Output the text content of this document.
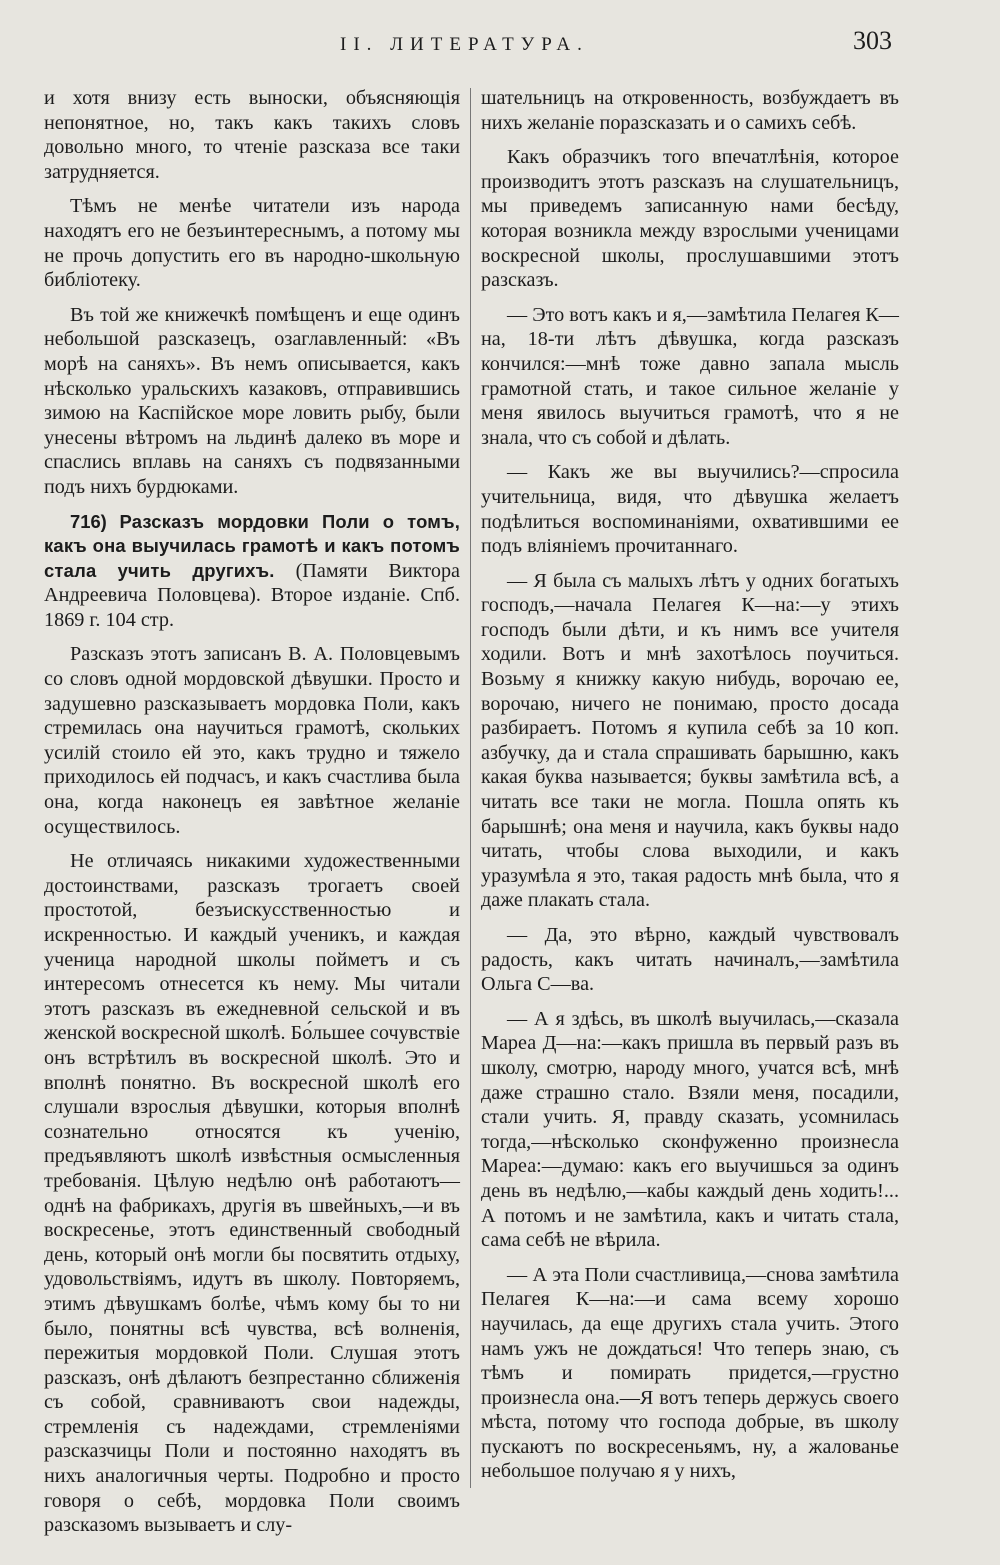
II. ЛИТЕРАТУРА.	303

и хотя внизу есть выноски, объясняющія непонятное, но, такъ какъ такихъ словъ довольно много, то чтеніе разсказа все таки затрудняется.

Тѣмъ не менѣе читатели изъ народа находятъ его не безъинтереснымъ, а потому мы не прочь допустить его въ народно-школьную библіотеку.

Въ той же книжечкѣ помѣщенъ и еще одинъ небольшой разсказецъ, озаглавленный: «Въ морѣ на саняхъ». Въ немъ описывается, какъ нѣсколько уральскихъ казаковъ, отправившись зимою на Каспійское море ловить рыбу, были унесены вѣтромъ на льдинѣ далеко въ море и спаслись вплавь на саняхъ съ подвязанными подъ нихъ бурдюками.

716) Разсказъ мордовки Поли о томъ, какъ она выучилась грамотѣ и какъ потомъ стала учить другихъ. (Памяти Виктора Андреевича Половцева). Второе изданіе. Спб. 1869 г. 104 стр.

Разсказъ этотъ записанъ В. А. Половцевымъ со словъ одной мордовской дѣвушки. Просто и задушевно разсказываетъ мордовка Поли, какъ стремилась она научиться грамотѣ, скольких усилій стоило ей это, какъ трудно и тяжело приходилось ей подчасъ, и какъ счастлива была она, когда наконецъ ея завѣтное желаніе осуществилось.

Не отличаясь никакими художественными достоинствами, разсказъ трогаетъ своей простотой, безъискусственностью и искренностью. И каждый ученикъ, и каждая ученица народной школы пойметъ и съ интересомъ отнесется къ нему. Мы читали этотъ разсказъ въ ежедневной сельской и въ женской воскресной школѣ. Бо́льшее сочувствіе онъ встрѣтилъ въ воскресной школѣ. Это и вполнѣ понятно. Въ воскресной школѣ его слушали взрослыя дѣвушки, которыя вполнѣ сознательно относятся къ ученію, предъявляютъ школѣ извѣстныя осмысленныя требованія. Цѣлую недѣлю онѣ работаютъ—однѣ на фабрикахъ, другія въ швейныхъ,—и въ воскресенье, этотъ единственный свободный день, который онѣ могли бы посвятить отдыху, удовольствіямъ, идутъ въ школу. Повторяемъ, этимъ дѣвушкамъ болѣе, чѣмъ кому бы то ни было, понятны всѣ чувства, всѣ волненія, пережитыя мордовкой Поли. Слушая этотъ разсказъ, онѣ дѣлаютъ безпрестанно сближенія съ собой, сравниваютъ свои надежды, стремленія съ надеждами, стремленіями разсказчицы Поли и постоянно находятъ въ нихъ аналогичныя черты. Подробно и просто говоря о себѣ, мордовка Поли своимъ разсказомъ вызываетъ и слу-

шательницъ на откровенность, возбуждаетъ въ нихъ желаніе поразсказать и о самихъ себѣ.

Какъ образчикъ того впечатлѣнія, которое производитъ этотъ разсказъ на слушательницъ, мы приведемъ записанную нами бесѣду, которая возникла между взрослыми ученицами воскресной школы, прослушавшими этотъ разсказъ.

— Это вотъ какъ и я,—замѣтила Пелагея К—на, 18-ти лѣтъ дѣвушка, когда разсказъ кончился:—мнѣ тоже давно запала мысль грамотной стать, и такое сильное желаніе у меня явилось выучиться грамотѣ, что я не знала, что съ собой и дѣлать.

— Какъ же вы выучились?—спросила учительница, видя, что дѣвушка желаетъ подѣлиться воспоминаніями, охватившими ее подъ вліяніемъ прочитаннаго.

— Я была съ малыхъ лѣтъ у одних богатыхъ господъ,—начала Пелагея К—на:—у этихъ господъ были дѣти, и къ нимъ все учителя ходили. Вотъ и мнѣ захотѣлось поучиться. Возьму я книжку какую нибудь, ворочаю ее, ворочаю, ничего не понимаю, просто досада разбираетъ. Потомъ я купила себѣ за 10 коп. азбучку, да и стала спрашивать барышню, какъ какая буква называется; буквы замѣтила всѣ, а читать все таки не могла. Пошла опять къ барышнѣ; она меня и научила, какъ буквы надо читать, чтобы слова выходили, и какъ уразумѣла я это, такая радость мнѣ была, что я даже плакать стала.

— Да, это вѣрно, каждый чувствовалъ радость, какъ читать начиналъ,—замѣтила Ольга С—ва.

— А я здѣсь, въ школѣ выучилась,—сказала Мареа Д—на:—какъ пришла въ первый разъ въ школу, смотрю, народу много, учатся всѣ, мнѣ даже страшно стало. Взяли меня, посадили, стали учить. Я, правду сказать, усомнилась тогда,—нѣсколько сконфуженно произнесла Мареа:—думаю: какъ его выучишься за одинъ день въ недѣлю,—кабы каждый день ходить!... А потомъ и не замѣтила, какъ и читать стала, сама себѣ не вѣрила.

— А эта Поли счастливица,—снова замѣтила Пелагея К—на:—и сама всему хорошо научилась, да еще другихъ стала учить. Этого намъ ужъ не дождаться! Что теперь знаю, съ тѣмъ и помирать придется,—грустно произнесла она.—Я вотъ теперь держусь своего мѣста, потому что господа добрые, въ школу пускаютъ по воскресеньямъ, ну, а жалованье небольшое получаю я у нихъ,
